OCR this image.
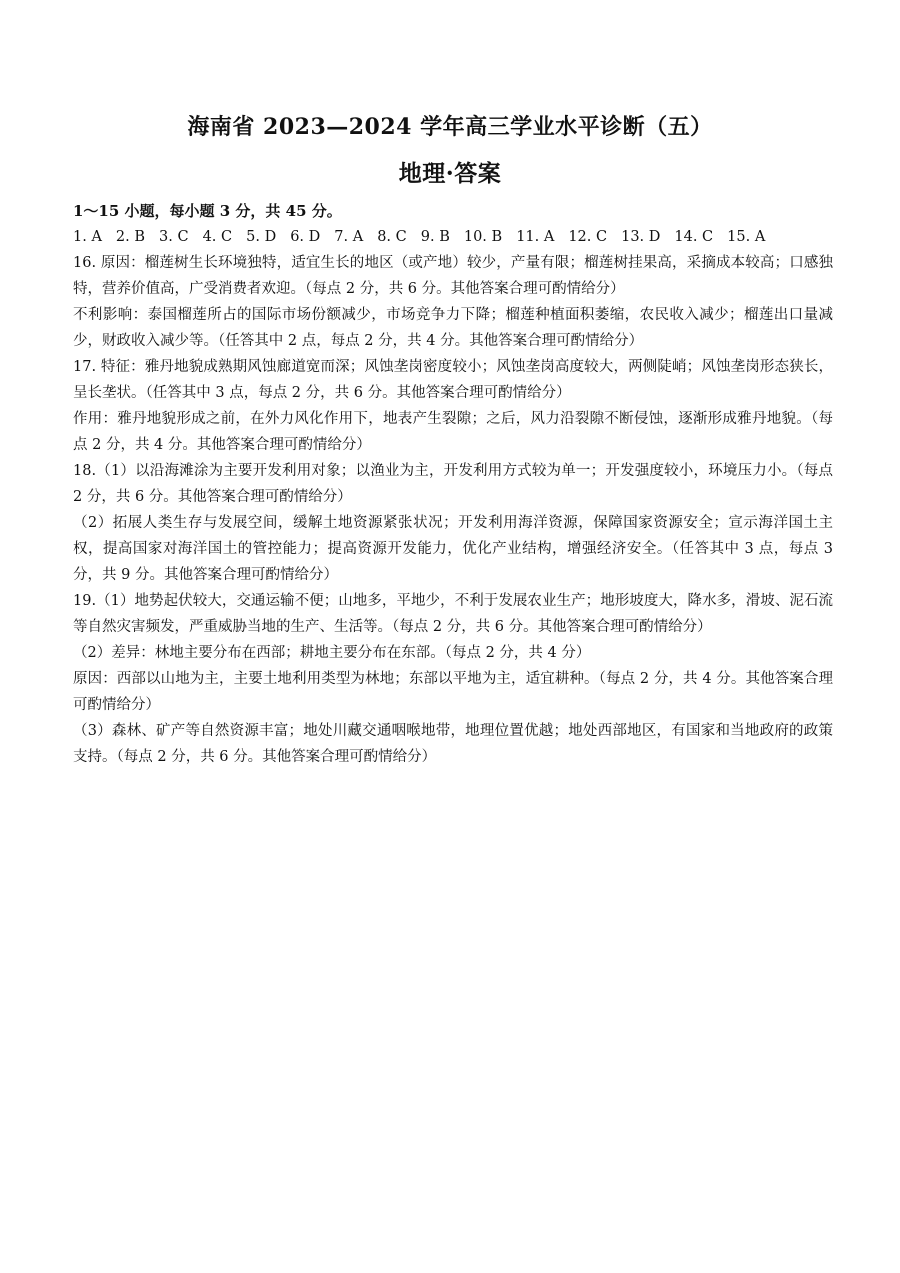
海南省 2023—2024 学年高三学业水平诊断（五）
地理·答案

1～15 小题，每小题 3 分，共 45 分。

1. A 2. B 3. C 4. C 5. D 6. D 7. A 8. C 9. B 10. B 11. A 12. C 13. D 14. C 15. A

16. 原因：榴莲树生长环境独特，适宜生长的地区（或产地）较少，产量有限；榴莲树挂果高，采摘成本较高；口感独特，营养价值高，广受消费者欢迎。（每点 2 分，共 6 分。其他答案合理可酌情给分）

不利影响：泰国榴莲所占的国际市场份额减少，市场竞争力下降；榴莲种植面积萎缩，农民收入减少；榴莲出口量减少，财政收入减少等。（任答其中 2 点，每点 2 分，共 4 分。其他答案合理可酌情给分）

17. 特征：雅丹地貌成熟期风蚀廊道宽而深；风蚀垄岗密度较小；风蚀垄岗高度较大，两侧陡峭；风蚀垄岗形态狭长，呈长垄状。（任答其中 3 点，每点 2 分，共 6 分。其他答案合理可酌情给分）

作用：雅丹地貌形成之前，在外力风化作用下，地表产生裂隙；之后，风力沿裂隙不断侵蚀，逐渐形成雅丹地貌。（每点 2 分，共 4 分。其他答案合理可酌情给分）

18.（1）以沿海滩涂为主要开发利用对象；以渔业为主，开发利用方式较为单一；开发强度较小，环境压力小。（每点 2 分，共 6 分。其他答案合理可酌情给分）

（2）拓展人类生存与发展空间，缓解土地资源紧张状况；开发利用海洋资源，保障国家资源安全；宣示海洋国土主权，提高国家对海洋国土的管控能力；提高资源开发能力，优化产业结构，增强经济安全。（任答其中 3 点，每点 3 分，共 9 分。其他答案合理可酌情给分）

19.（1）地势起伏较大，交通运输不便；山地多，平地少，不利于发展农业生产；地形坡度大，降水多，滑坡、泥石流等自然灾害频发，严重威胁当地的生产、生活等。（每点 2 分，共 6 分。其他答案合理可酌情给分）

（2）差异：林地主要分布在西部；耕地主要分布在东部。（每点 2 分，共 4 分）

原因：西部以山地为主，主要土地利用类型为林地；东部以平地为主，适宜耕种。（每点 2 分，共 4 分。其他答案合理可酌情给分）

（3）森林、矿产等自然资源丰富；地处川藏交通咽喉地带，地理位置优越；地处西部地区，有国家和当地政府的政策支持。（每点 2 分，共 6 分。其他答案合理可酌情给分）
